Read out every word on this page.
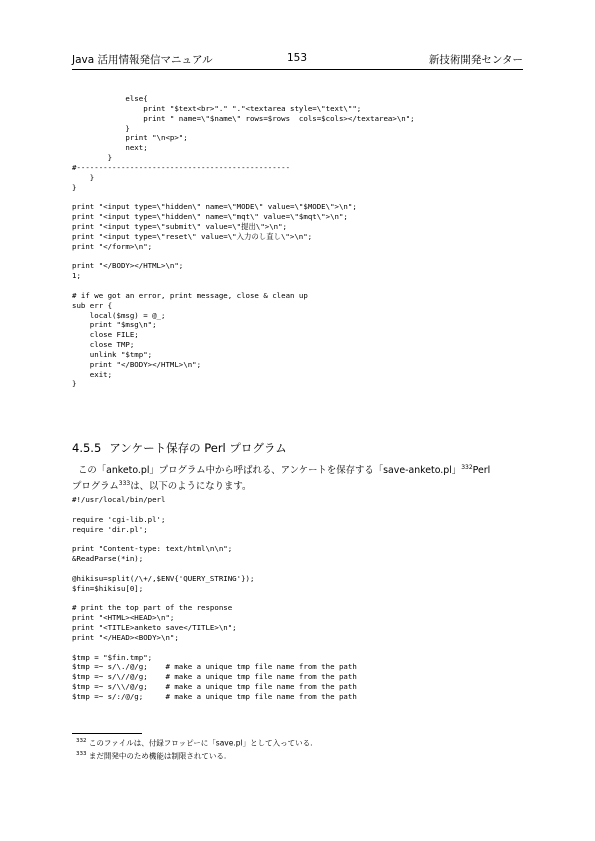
Java 活用情報発信マニュアル	153	新技術開発センター
else{
print "$text<br>"." "."<textarea style=\"text\"";
print " name=\"$name\" rows=$rows  cols=$cols></textarea>\n";
}
print "\n<p>";
next;
}
#------------------------------------------------
}
}

print "<input type=\"hidden\" name=\"MODE\" value=\"$MODE\">\n";
print "<input type=\"hidden\" name=\"mqt\" value=\"$mqt\">\n";
print "<input type=\"submit\" value=\"提出\">\n";
print "<input type=\"reset\" value=\"入力のし直し\">\n";
print "</form>\n";

print "</BODY></HTML>\n";
1;

# if we got an error, print message, close & clean up
sub err {
local($msg) = @_;
print "$msg\n";
close FILE;
close TMP;
unlink "$tmp";
print "</BODY></HTML>\n";
exit;
}
4.5.5 アンケート保存の Perl プログラム

この「anketo.pl」プログラム中から呼ばれる、アンケートを保存する「save-anketo.pl」$^{332}$Perl

プログラム$^{333}$は、以下のようになります。

#!/usr/local/bin/perl

require 'cgi-lib.pl';
require 'dir.pl';

print "Content-type: text/html\n\n";
&ReadParse(*in);

@hikisu=split(/\+/,$ENV{'QUERY_STRING'});
$fin=$hikisu[0];

# print the top part of the response
print "<HTML><HEAD>\n";
print "<TITLE>anketo save</TITLE>\n";
print "</HEAD><BODY>\n";

$tmp = "$fin.tmp";
$tmp =~ s/\./@/g;    # make a unique tmp file name from the path
$tmp =~ s/\//@/g;    # make a unique tmp file name from the path
$tmp =~ s/\\/@/g;    # make a unique tmp file name from the path
$tmp =~ s/:/@/g;     # make a unique tmp file name from the path
$^{332}$ このファイルは、付録フロッピーに「save.pl」として入っている.
$^{333}$ まだ開発中のため機能は制限されている.
